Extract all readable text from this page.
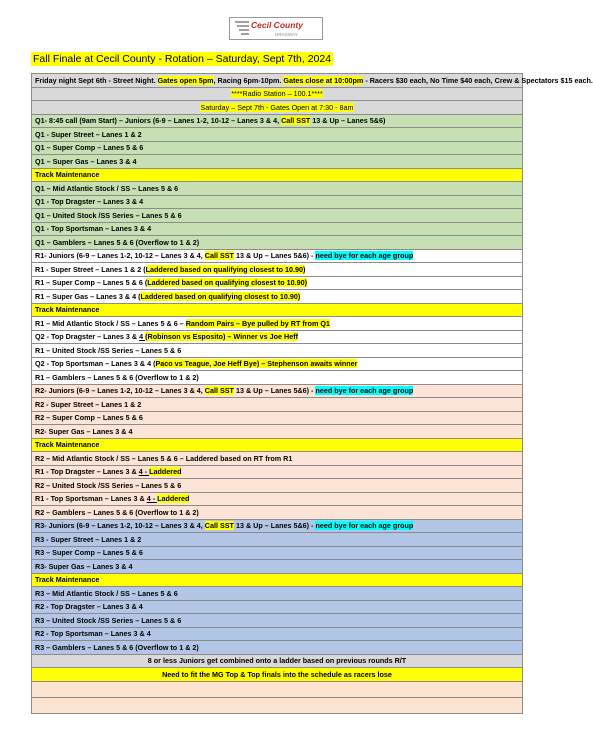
Cecil County
DRAGWAY
Fall Finale at Cecil County - Rotation – Saturday, Sept 7th, 2024
Friday night Sept 6th - Street Night. Gates open 5pm, Racing 6pm-10pm. Gates close at 10:00pm - Racers $30 each, No Time $40 each, Crew & Spectators $15 each.
****Radio Station – 100.1****
Saturday – Sept 7th - Gates Open at 7:30 - 8am
Q1- 8:45 call (9am Start) – Juniors (6-9 – Lanes 1-2, 10-12 – Lanes 3 & 4, Call SST 13 & Up – Lanes 5&6)
Q1 - Super Street – Lanes 1 & 2
Q1 – Super Comp – Lanes 5 & 6
Q1 – Super Gas – Lanes 3 & 4
Track Maintenance
Q1 – Mid Atlantic Stock / SS – Lanes 5 & 6
Q1 - Top Dragster – Lanes 3 & 4
Q1 – United Stock /SS Series – Lanes 5 & 6
Q1 - Top Sportsman – Lanes 3 & 4
Q1 – Gamblers – Lanes 5 & 6 (Overflow to 1 & 2)
R1- Juniors (6-9 – Lanes 1-2, 10-12 – Lanes 3 & 4, Call SST 13 & Up – Lanes 5&6) - need bye for each age group
R1 - Super Street – Lanes 1 & 2 (Laddered based on qualifying closest to 10.90)
R1 – Super Comp – Lanes 5 & 6 (Laddered based on qualifying closest to 10.90)
R1 – Super Gas – Lanes 3 & 4 (Laddered based on qualifying closest to 10.90)
Track Maintenance
R1 – Mid Atlantic Stock / SS – Lanes 5 & 6 – Random Pairs – Bye pulled by RT from Q1
Q2 - Top Dragster – Lanes 3 & 4 (Robinson vs Esposito) – Winner vs Joe Heff
R1 – United Stock /SS Series – Lanes 5 & 6
Q2 - Top Sportsman – Lanes 3 & 4 (Paco vs Teague, Joe Heff Bye) – Stephenson awaits winner
R1 – Gamblers – Lanes 5 & 6 (Overflow to 1 & 2)
R2- Juniors (6-9 – Lanes 1-2, 10-12 – Lanes 3 & 4, Call SST 13 & Up – Lanes 5&6) - need bye for each age group
R2 - Super Street – Lanes 1 & 2
R2 – Super Comp – Lanes 5 & 6
R2- Super Gas – Lanes 3 & 4
Track Maintenance
R2 – Mid Atlantic Stock / SS – Lanes 5 & 6 – Laddered based on RT from R1
R1 - Top Dragster – Lanes 3 & 4 - Laddered
R2 – United Stock /SS Series – Lanes 5 & 6
R1 - Top Sportsman – Lanes 3 & 4 - Laddered
R2 – Gamblers – Lanes 5 & 6 (Overflow to 1 & 2)
R3- Juniors (6-9 – Lanes 1-2, 10-12 – Lanes 3 & 4, Call SST 13 & Up – Lanes 5&6) - need bye for each age group
R3 - Super Street – Lanes 1 & 2
R3 – Super Comp – Lanes 5 & 6
R3- Super Gas – Lanes 3 & 4
Track Maintenance
R3 – Mid Atlantic Stock / SS – Lanes 5 & 6
R2 - Top Dragster – Lanes 3 & 4
R3 – United Stock /SS Series – Lanes 5 & 6
R2 - Top Sportsman – Lanes 3 & 4
R3 – Gamblers – Lanes 5 & 6 (Overflow to 1 & 2)
8 or less Juniors get combined onto a ladder based on previous rounds R/T
Need to fit the MG Top & Top finals into the schedule as racers lose
